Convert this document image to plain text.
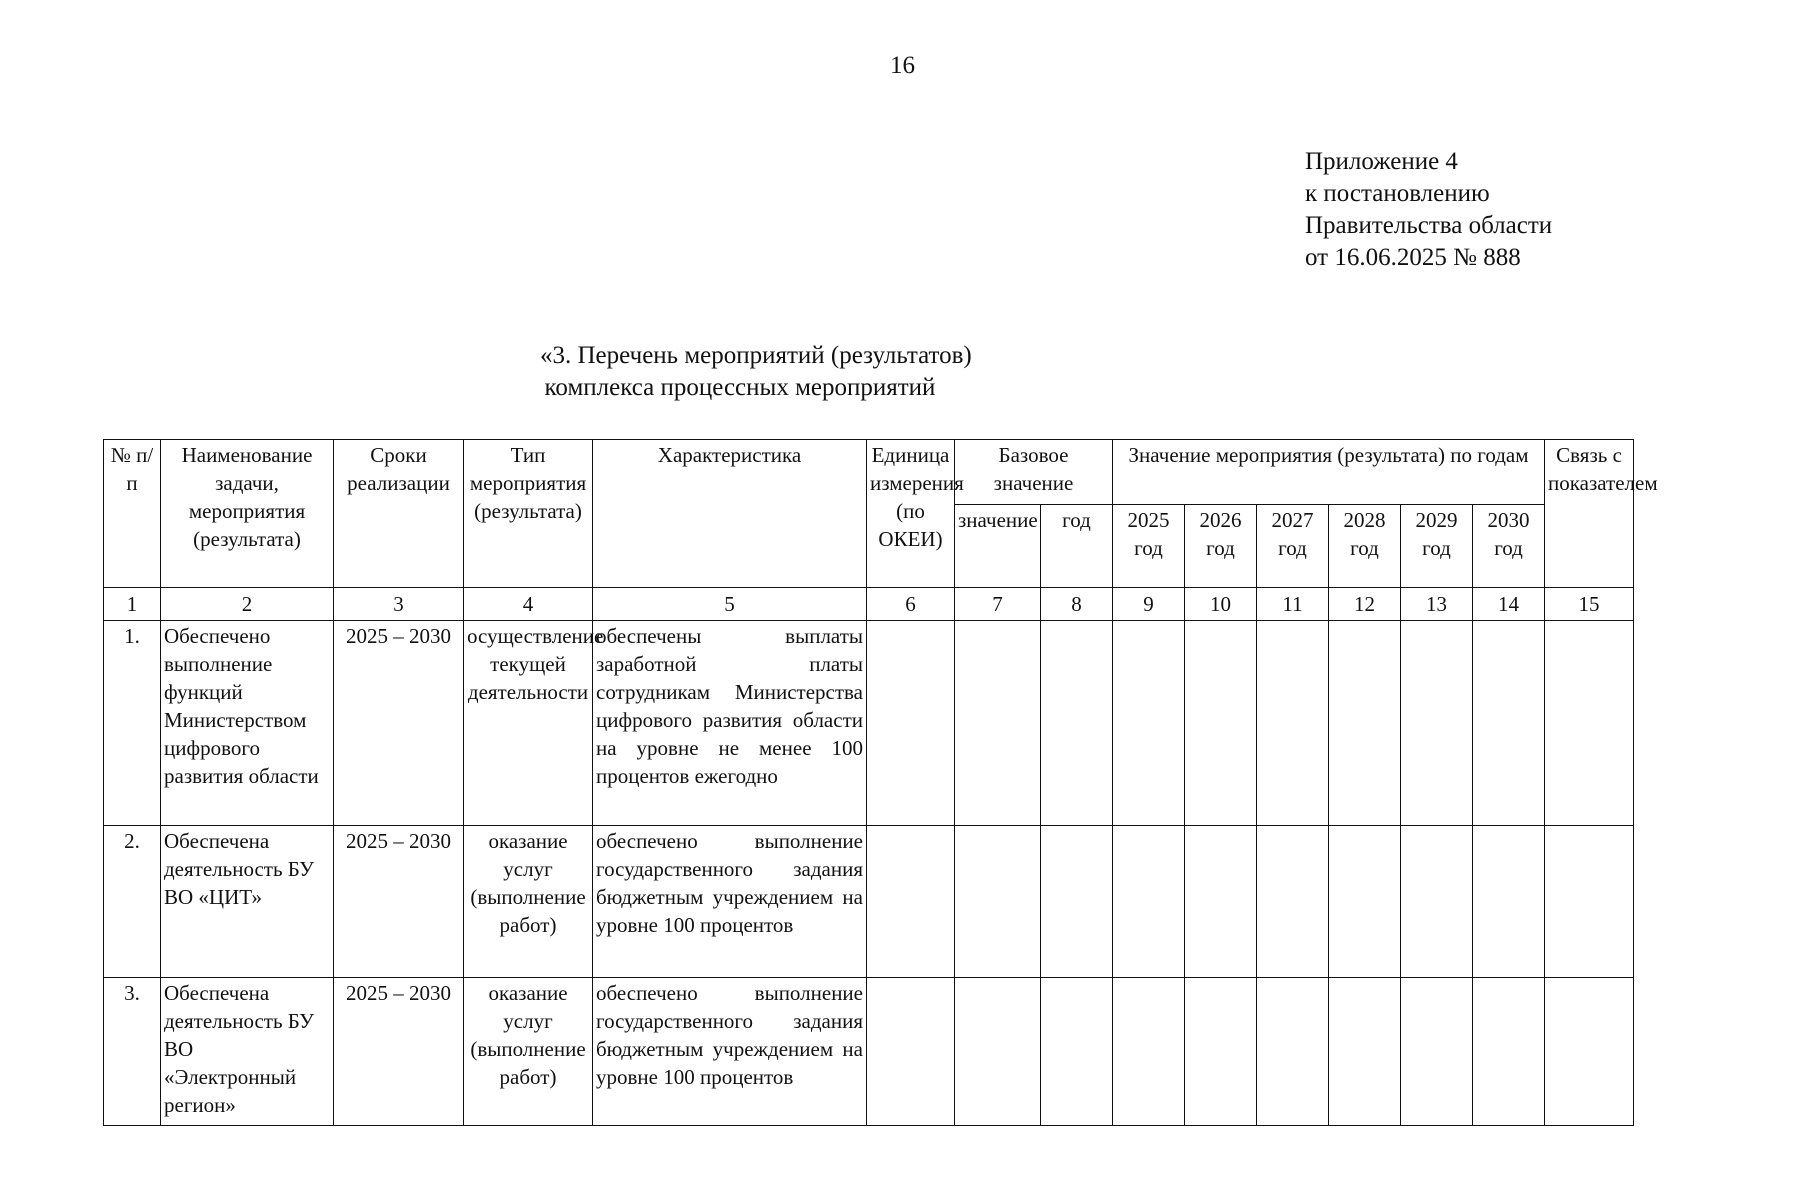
16
Приложение 4
к постановлению
Правительства области
от 16.06.2025 № 888
«3. Перечень мероприятий (результатов)
комплекса процессных мероприятий
№ п/п	Наименование задачи, мероприятия (результата)	Сроки реализации	Тип мероприятия (результата)	Характеристика	Единица измерения (по ОКЕИ)	Базовое значение		Значение мероприятия (результата) по годам						Связь с показателем
						значение	год	2025 год	2026 год	2027 год	2028 год	2029 год	2030 год	
1	2	3	4	5	6	7	8	9	10	11	12	13	14	15
1.	Обеспечено выполнение функций Министерством цифрового развития области	2025 – 2030	осуществление текущей деятельности	обеспечены выплаты заработной платы сотрудникам Министерства цифрового развития области на уровне не менее 100 процентов ежегодно										
2.	Обеспечена деятельность БУ ВО «ЦИТ»	2025 – 2030	оказание услуг (выполнение работ)	обеспечено выполнение государственного задания бюджетным учреждением на уровне 100 процентов										
3.	Обеспечена деятельность БУ ВО «Электронный регион»	2025 – 2030	оказание услуг (выполнение работ)	обеспечено выполнение государственного задания бюджетным учреждением на уровне 100 процентов										
